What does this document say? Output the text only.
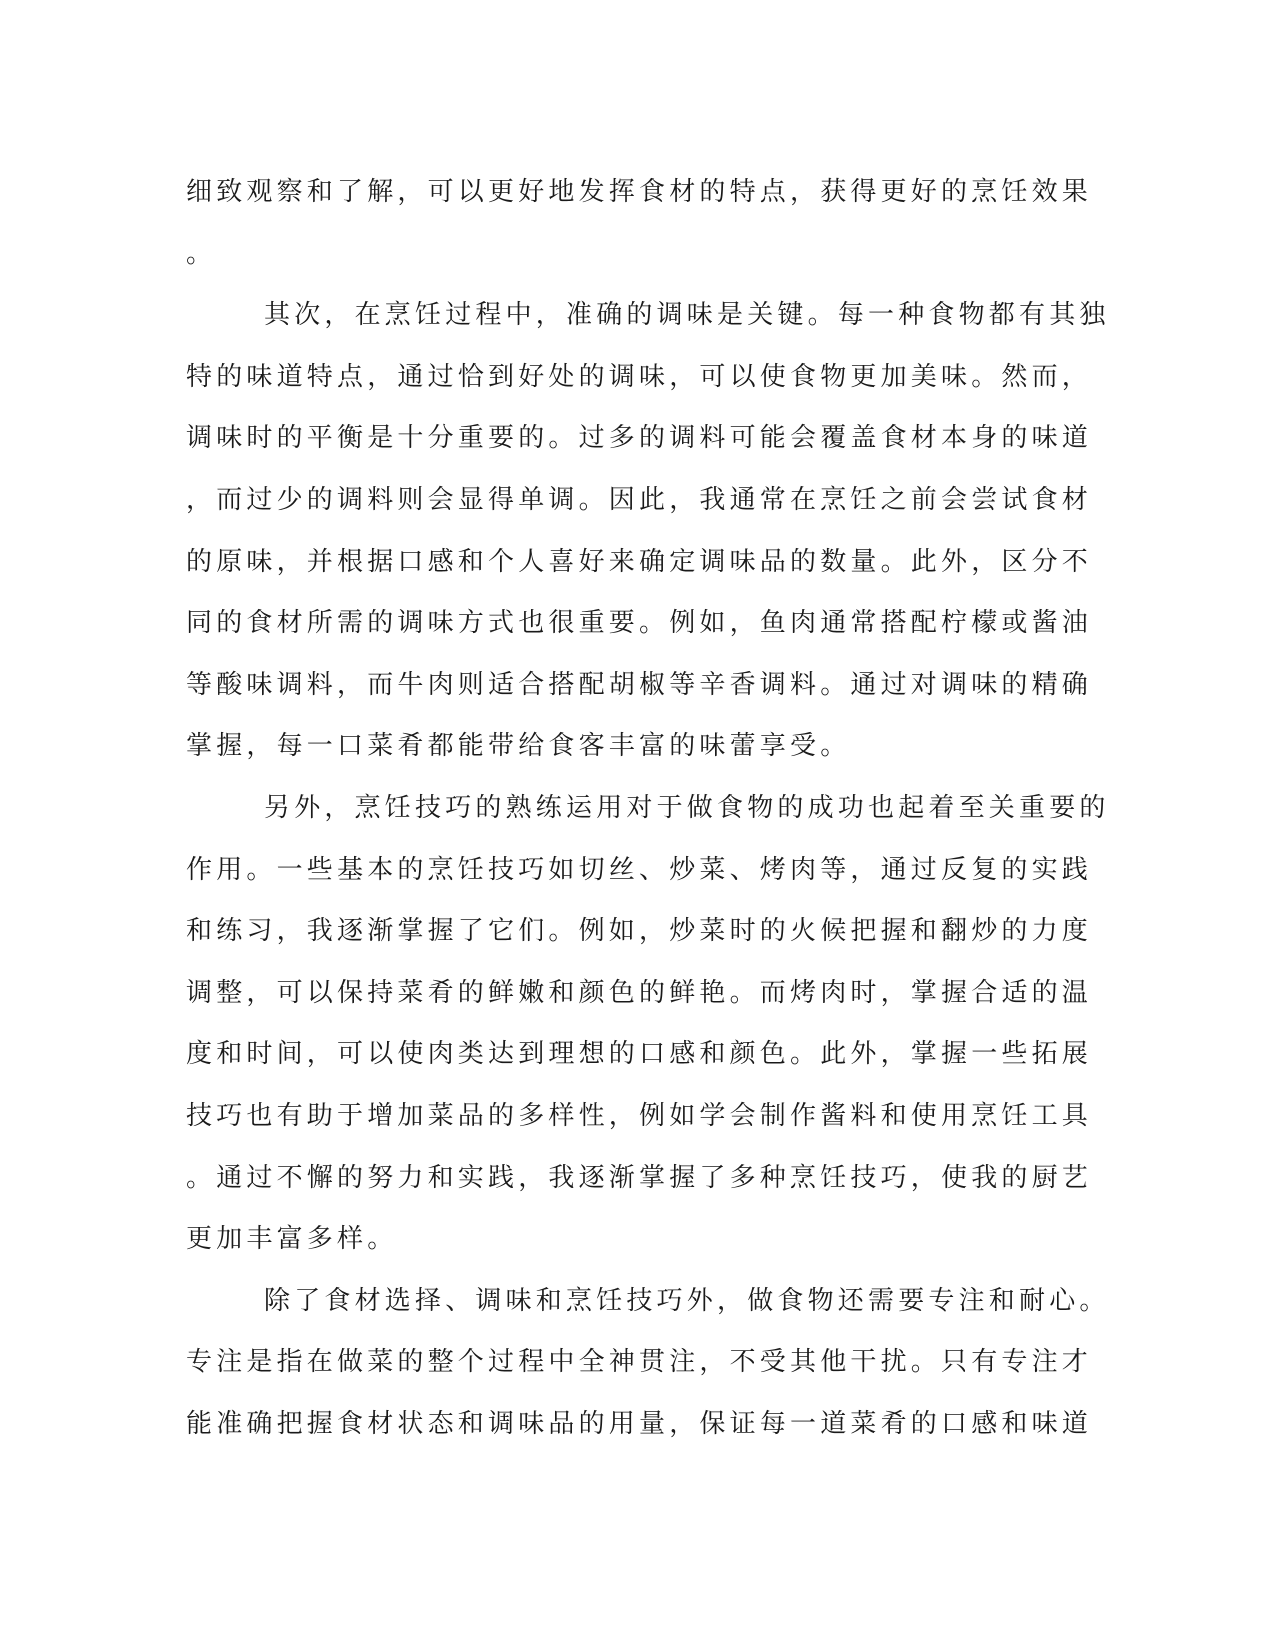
细致观察和了解，可以更好地发挥食材的特点，获得更好的烹饪效果
。
其次，在烹饪过程中，准确的调味是关键。每一种食物都有其独
特的味道特点，通过恰到好处的调味，可以使食物更加美味。然而，
调味时的平衡是十分重要的。过多的调料可能会覆盖食材本身的味道
，而过少的调料则会显得单调。因此，我通常在烹饪之前会尝试食材
的原味，并根据口感和个人喜好来确定调味品的数量。此外，区分不
同的食材所需的调味方式也很重要。例如，鱼肉通常搭配柠檬或酱油
等酸味调料，而牛肉则适合搭配胡椒等辛香调料。通过对调味的精确
掌握，每一口菜肴都能带给食客丰富的味蕾享受。
另外，烹饪技巧的熟练运用对于做食物的成功也起着至关重要的
作用。一些基本的烹饪技巧如切丝、炒菜、烤肉等，通过反复的实践
和练习，我逐渐掌握了它们。例如，炒菜时的火候把握和翻炒的力度
调整，可以保持菜肴的鲜嫩和颜色的鲜艳。而烤肉时，掌握合适的温
度和时间，可以使肉类达到理想的口感和颜色。此外，掌握一些拓展
技巧也有助于增加菜品的多样性，例如学会制作酱料和使用烹饪工具
。通过不懈的努力和实践，我逐渐掌握了多种烹饪技巧，使我的厨艺
更加丰富多样。
除了食材选择、调味和烹饪技巧外，做食物还需要专注和耐心。
专注是指在做菜的整个过程中全神贯注，不受其他干扰。只有专注才
能准确把握食材状态和调味品的用量，保证每一道菜肴的口感和味道
